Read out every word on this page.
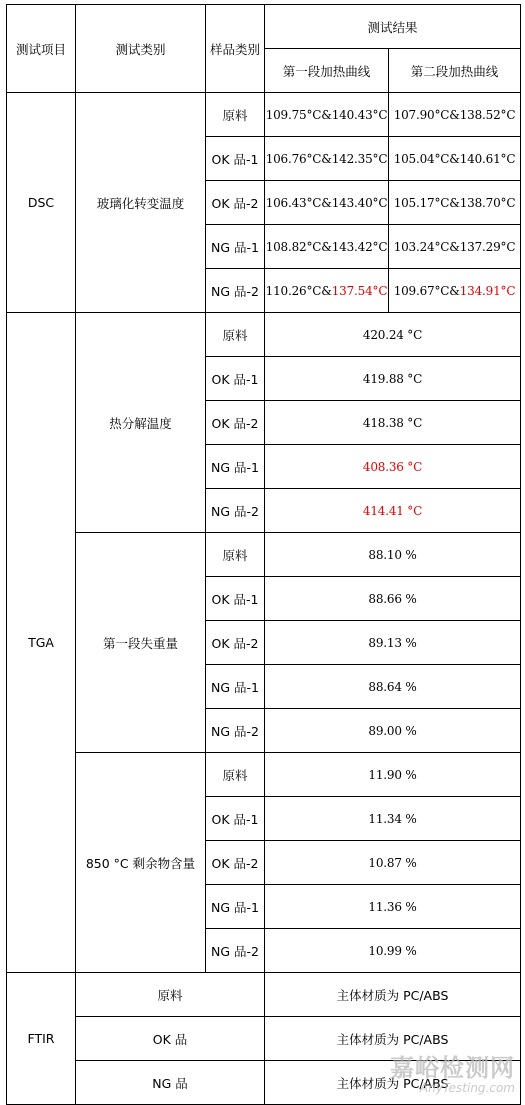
测试项目	测试类别	样品类别	测试结果	
			第一段加热曲线	第二段加热曲线
DSC	玻璃化转变温度	原料	109.75°C&140.43°C	107.90°C&138.52°C
		OK 品-1	106.76°C&142.35°C	105.04°C&140.61°C
		OK 品-2	106.43°C&143.40°C	105.17°C&138.70°C
		NG 品-1	108.82°C&143.42°C	103.24°C&137.29°C
		NG 品-2	110.26°C&137.54°C	109.67°C&134.91°C
TGA	热分解温度	原料	420.24 °C	
		OK 品-1	419.88 °C	
		OK 品-2	418.38 °C	
		NG 品-1	408.36 °C	
		NG 品-2	414.41 °C	
	第一段失重量	原料	88.10 %	
		OK 品-1	88.66 %	
		OK 品-2	89.13 %	
		NG 品-1	88.64 %	
		NG 品-2	89.00 %	
	850 °C 剩余物含量	原料	11.90 %	
		OK 品-1	11.34 %	
		OK 品-2	10.87 %	
		NG 品-1	11.36 %	
		NG 品-2	10.99 %	
FTIR	原料		主体材质为 PC/ABS	
	OK 品		主体材质为 PC/ABS	
	NG 品		主体材质为 PC/ABS	
嘉峪检测网
AnyTesting.com
